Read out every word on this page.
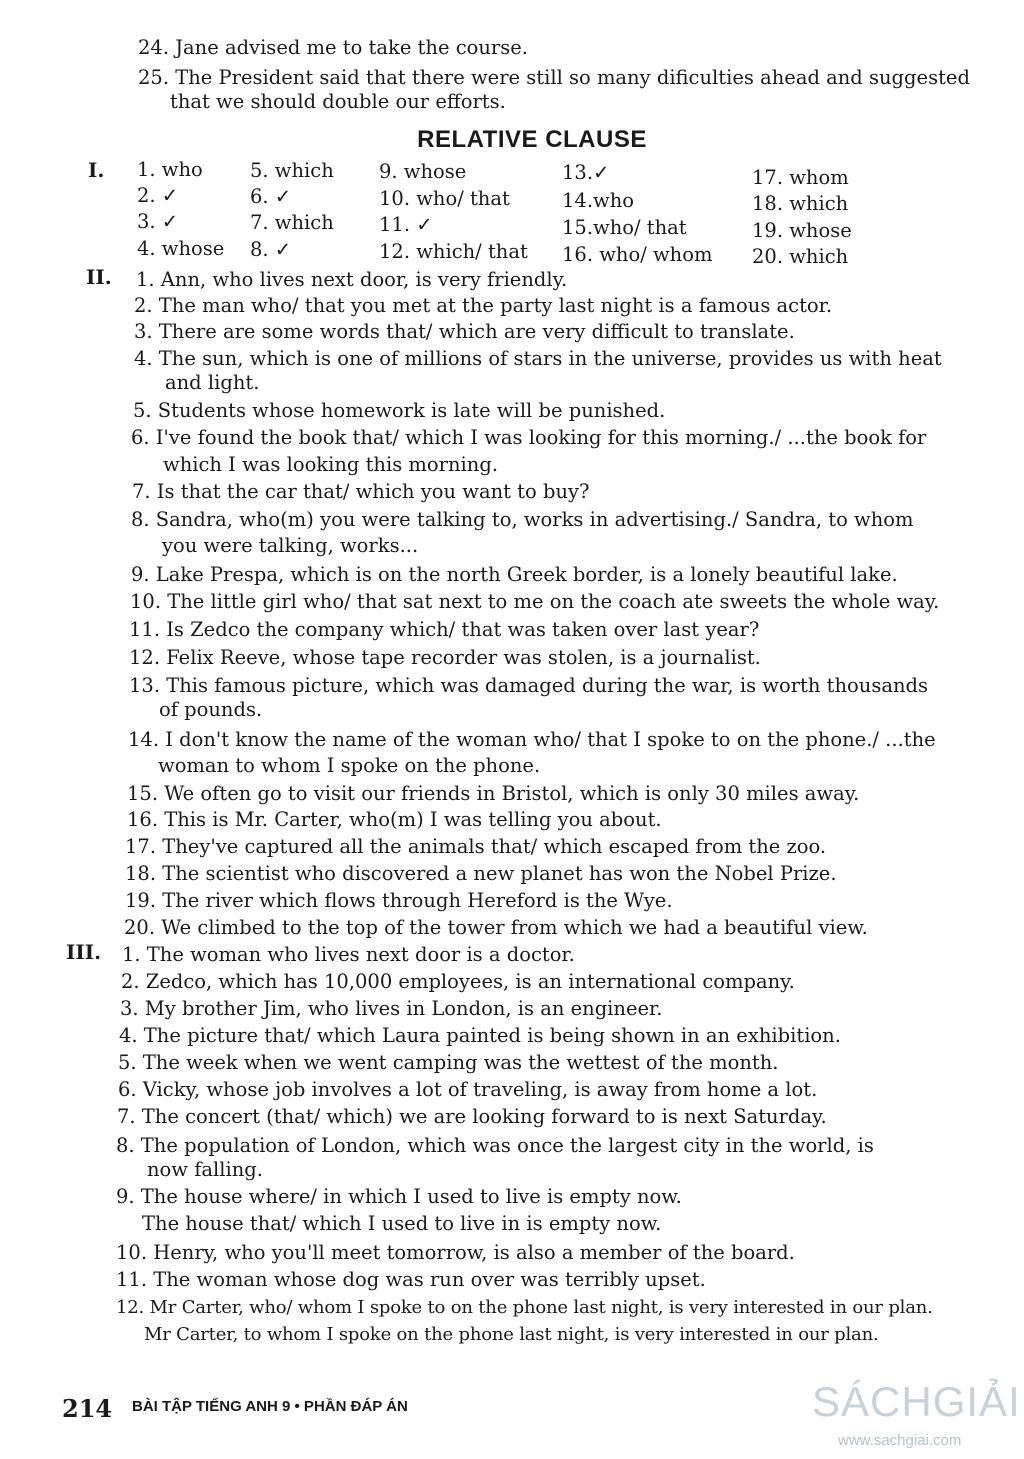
24. Jane advised me to take the course.
25. The President said that there were still so many dificulties ahead and suggested
that we should double our efforts.
RELATIVE CLAUSE
I. 1. who
2. ✓
3. ✓
4. whose
5. which
6. ✓
7. which
8. ✓
9. whose
10. who/ that
11. ✓
12. which/ that
13.✓
14.who
15.who/ that
16. who/ whom
17. whom
18. which
19. whose
20. which
II. 1. Ann, who lives next door, is very friendly.
2. The man who/ that you met at the party last night is a famous actor.
3. There are some words that/ which are very difficult to translate.
4. The sun, which is one of millions of stars in the universe, provides us with heat
and light.
5. Students whose homework is late will be punished.
6. I've found the book that/ which I was looking for this morning./ ...the book for
which I was looking this morning.
7. Is that the car that/ which you want to buy?
8. Sandra, who(m) you were talking to, works in advertising./ Sandra, to whom
you were talking, works...
9. Lake Prespa, which is on the north Greek border, is a lonely beautiful lake.
10. The little girl who/ that sat next to me on the coach ate sweets the whole way.
11. Is Zedco the company which/ that was taken over last year?
12. Felix Reeve, whose tape recorder was stolen, is a journalist.
13. This famous picture, which was damaged during the war, is worth thousands
of pounds.
14. I don't know the name of the woman who/ that I spoke to on the phone./ ...the
woman to whom I spoke on the phone.
15. We often go to visit our friends in Bristol, which is only 30 miles away.
16. This is Mr. Carter, who(m) I was telling you about.
17. They've captured all the animals that/ which escaped from the zoo.
18. The scientist who discovered a new planet has won the Nobel Prize.
19. The river which flows through Hereford is the Wye.
20. We climbed to the top of the tower from which we had a beautiful view.
III. 1. The woman who lives next door is a doctor.
2. Zedco, which has 10,000 employees, is an international company.
3. My brother Jim, who lives in London, is an engineer.
4. The picture that/ which Laura painted is being shown in an exhibition.
5. The week when we went camping was the wettest of the month.
6. Vicky, whose job involves a lot of traveling, is away from home a lot.
7. The concert (that/ which) we are looking forward to is next Saturday.
8. The population of London, which was once the largest city in the world, is
now falling.
9. The house where/ in which I used to live is empty now.
The house that/ which I used to live in is empty now.
10. Henry, who you'll meet tomorrow, is also a member of the board.
11. The woman whose dog was run over was terribly upset.
12. Mr Carter, who/ whom I spoke to on the phone last night, is very interested in our plan.
Mr Carter, to whom I spoke on the phone last night, is very interested in our plan.
214 BÀI TẬP TIẾNG ANH 9 • PHẦN ĐÁP ÁN	SÁCHGIẢI
www.sachgiai.com
